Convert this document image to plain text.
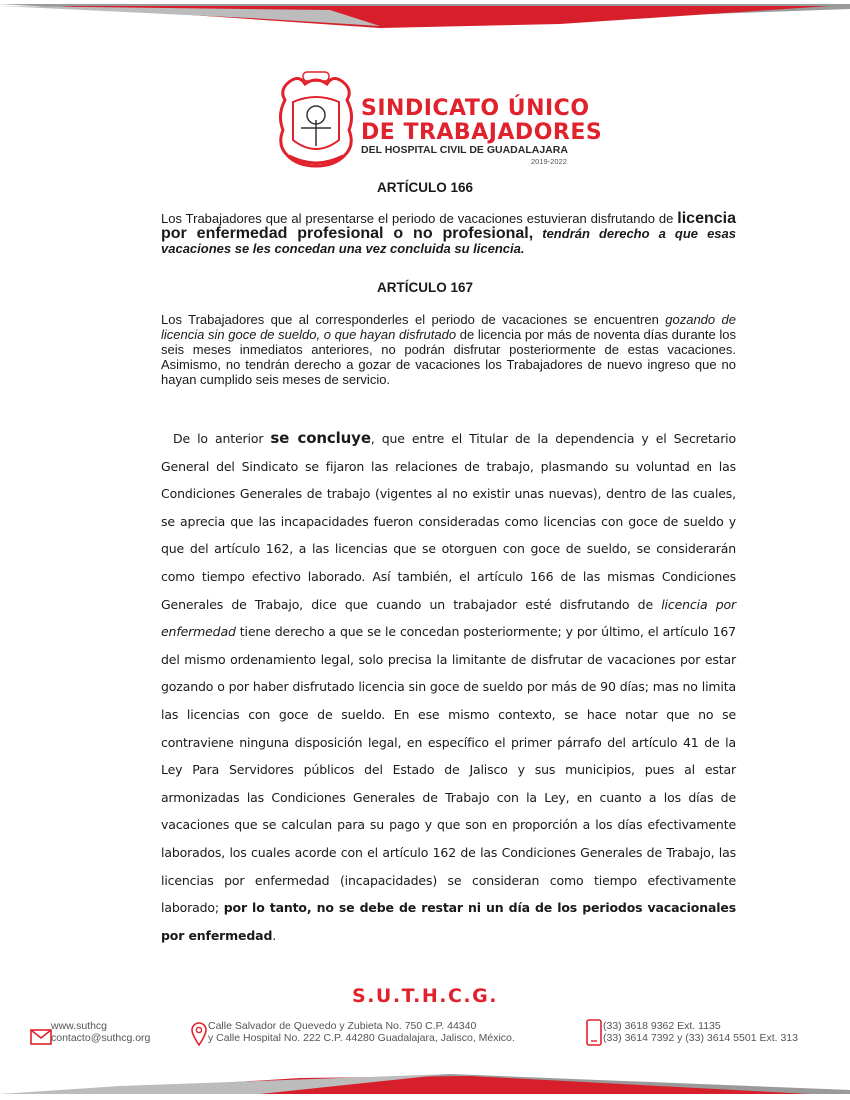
SINDICATO ÚNICO
DE TRABAJADORES
DEL HOSPITAL CIVIL DE GUADALAJARA
2019-2022
ARTÍCULO 166
Los Trabajadores que al presentarse el periodo de vacaciones estuvieran disfrutando de licencia por enfermedad profesional o no profesional, tendrán derecho a que esas vacaciones se les concedan una vez concluida su licencia.
ARTÍCULO 167
Los Trabajadores que al corresponderles el periodo de vacaciones se encuentren gozando de licencia sin goce de sueldo, o que hayan disfrutado de licencia por más de noventa días durante los seis meses inmediatos anteriores, no podrán disfrutar posteriormente de estas vacaciones. Asimismo, no tendrán derecho a gozar de vacaciones los Trabajadores de nuevo ingreso que no hayan cumplido seis meses de servicio.
De lo anterior se concluye, que entre el Titular de la dependencia y el Secretario General del Sindicato se fijaron las relaciones de trabajo, plasmando su voluntad en las Condiciones Generales de trabajo (vigentes al no existir unas nuevas), dentro de las cuales, se aprecia que las incapacidades fueron consideradas como licencias con goce de sueldo y que del artículo 162, a las licencias que se otorguen con goce de sueldo, se considerarán como tiempo efectivo laborado. Así también, el artículo 166 de las mismas Condiciones Generales de Trabajo, dice que cuando un trabajador esté disfrutando de licencia por enfermedad tiene derecho a que se le concedan posteriormente; y por último, el artículo 167 del mismo ordenamiento legal, solo precisa la limitante de disfrutar de vacaciones por estar gozando o por haber disfrutado licencia sin goce de sueldo por más de 90 días; mas no limita las licencias con goce de sueldo. En ese mismo contexto, se hace notar que no se contraviene ninguna disposición legal, en específico el primer párrafo del artículo 41 de la Ley Para Servidores públicos del Estado de Jalisco y sus municipios, pues al estar armonizadas las Condiciones Generales de Trabajo con la Ley, en cuanto a los días de vacaciones que se calculan para su pago y que son en proporción a los días efectivamente laborados, los cuales acorde con el artículo 162 de las Condiciones Generales de Trabajo, las licencias por enfermedad (incapacidades) se consideran como tiempo efectivamente laborado; por lo tanto, no se debe de restar ni un día de los periodos vacacionales por enfermedad.
S.U.T.H.C.G.
www.suthcg
contacto@suthcg.org
Calle Salvador de Quevedo y Zubieta No. 750 C.P. 44340
y Calle Hospital No. 222 C.P. 44280 Guadalajara, Jalisco, México.
(33) 3618 9362 Ext. 1135
(33) 3614 7392 y (33) 3614 5501 Ext. 313
